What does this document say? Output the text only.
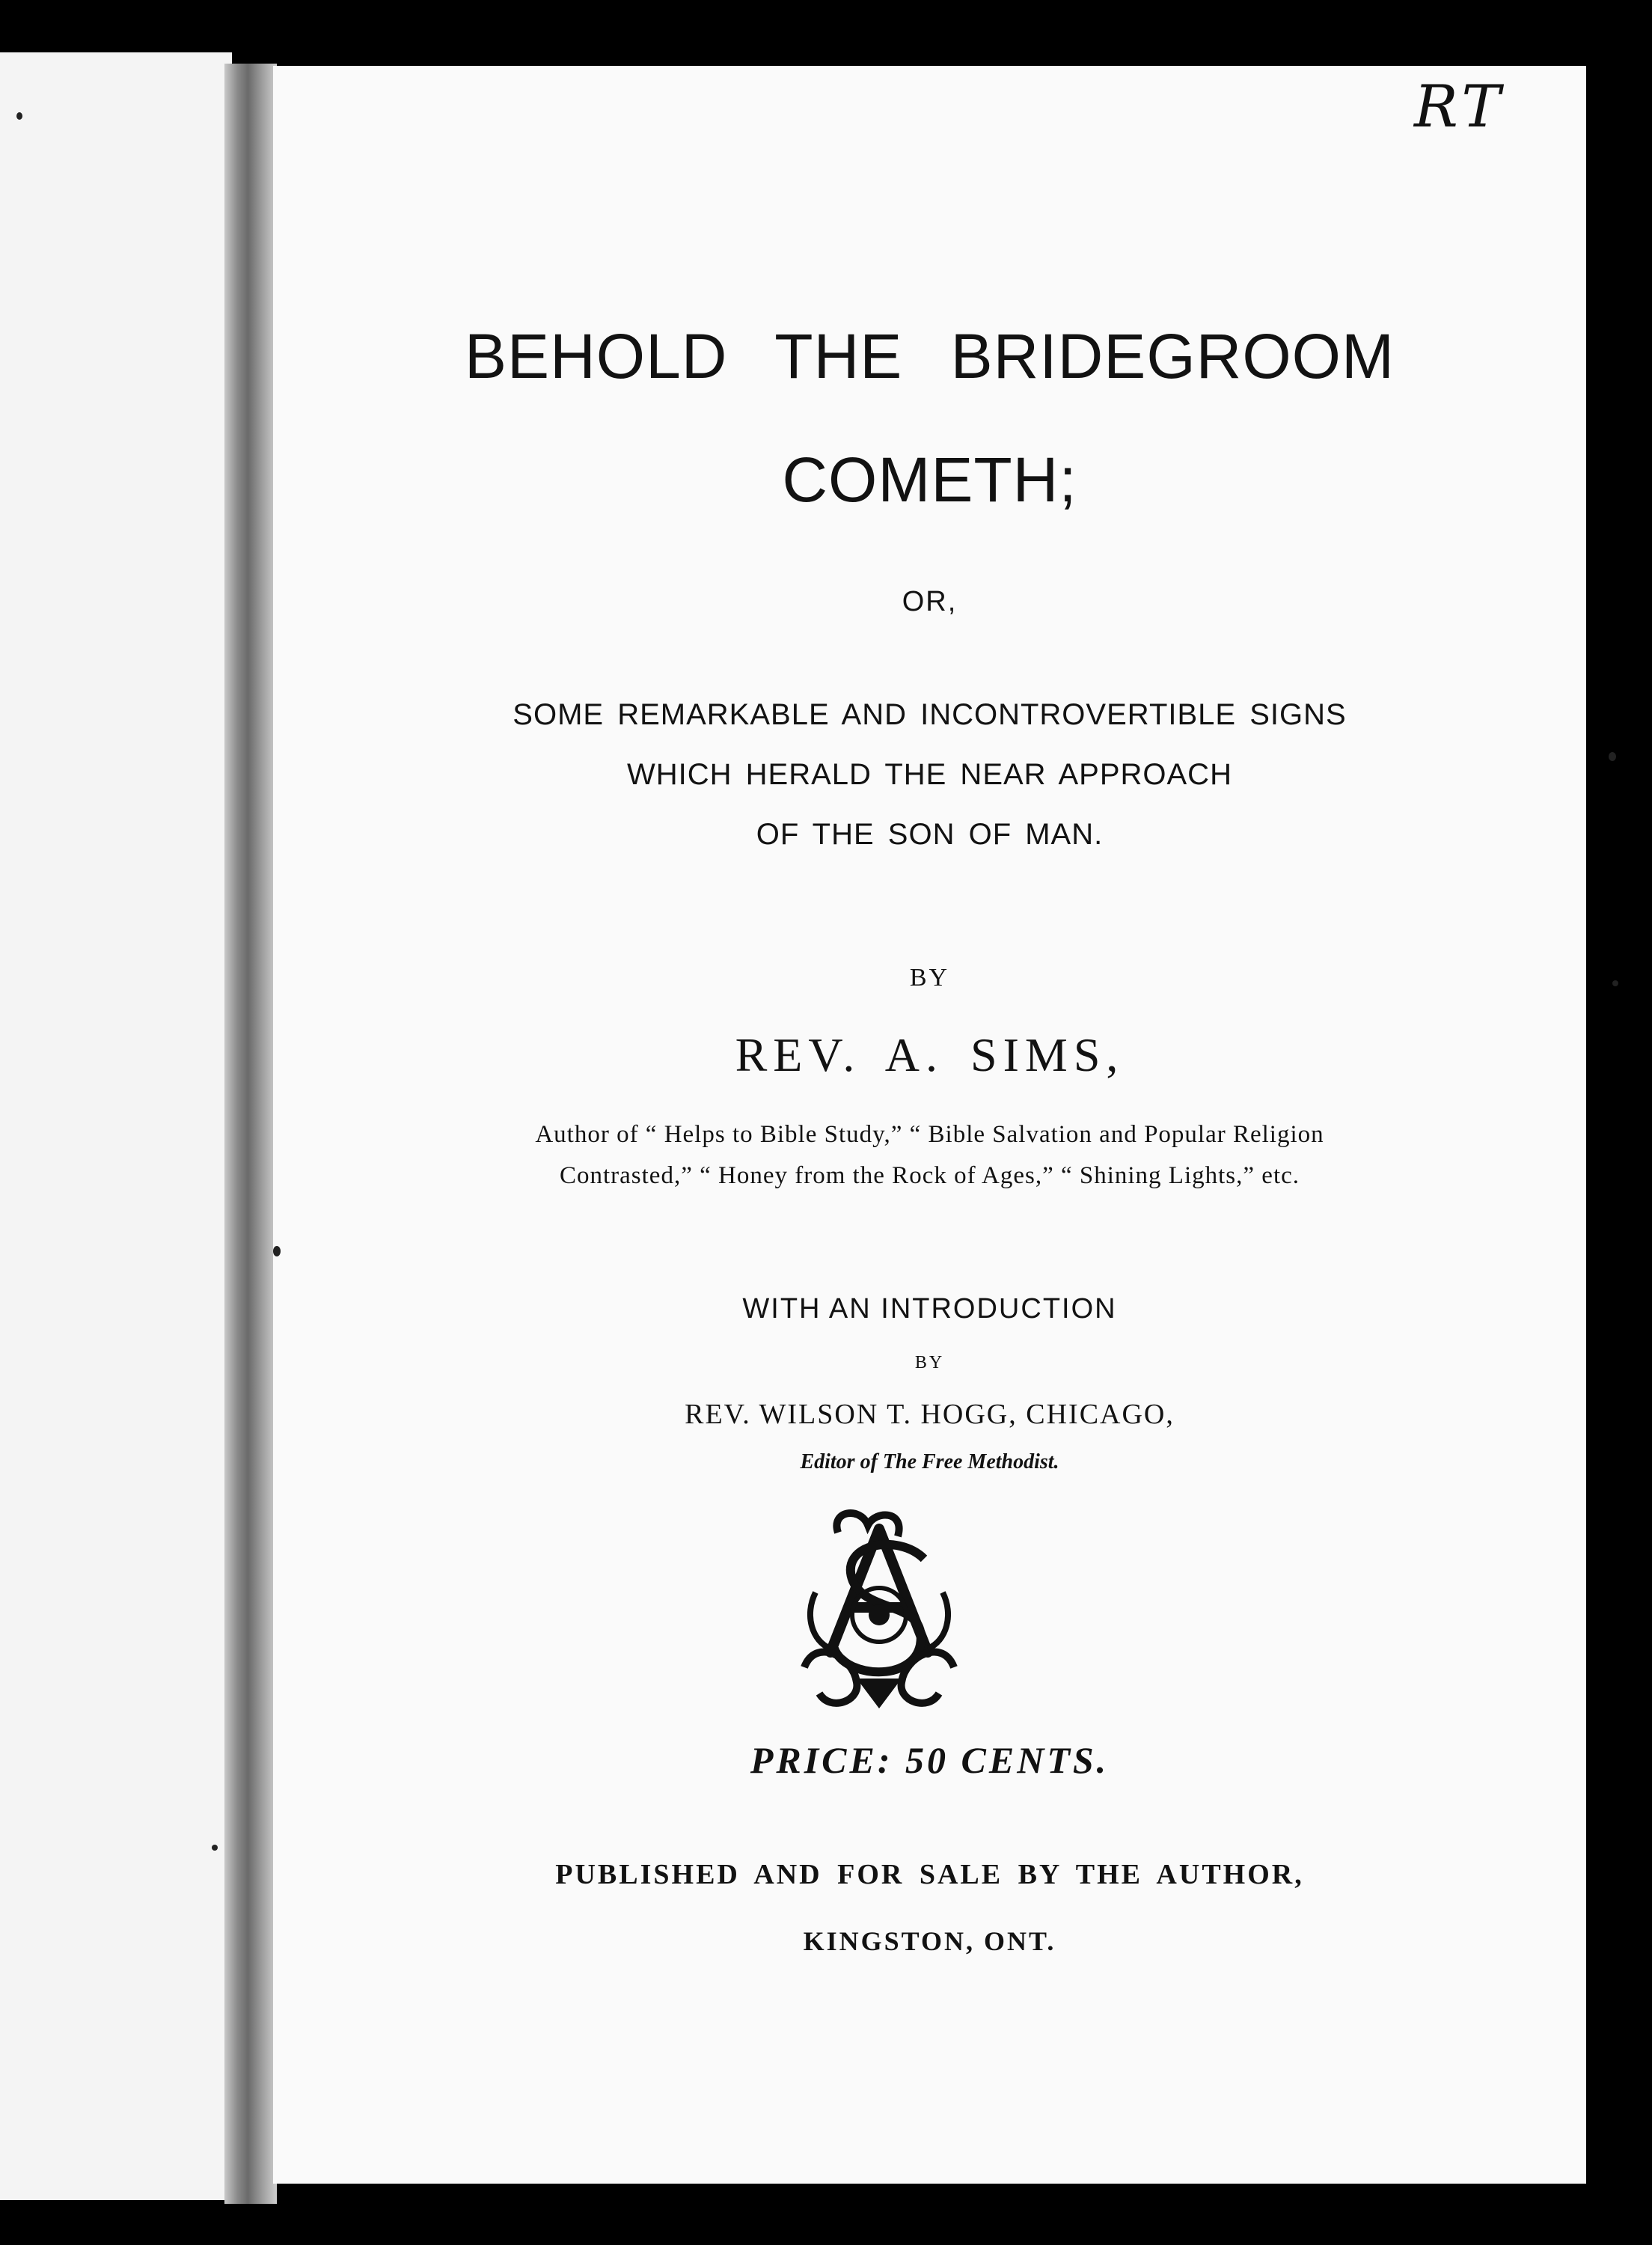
RT

BEHOLD THE BRIDEGROOM

COMETH;

OR,

SOME REMARKABLE AND INCONTROVERTIBLE SIGNS

WHICH HERALD THE NEAR APPROACH

OF THE SON OF MAN.

BY

REV. A. SIMS,

Author of “ Helps to Bible Study,” “ Bible Salvation and Popular Religion

Contrasted,” “ Honey from the Rock of Ages,” “ Shining Lights,” etc.

WITH AN INTRODUCTION

BY

REV. WILSON T. HOGG, CHICAGO,

Editor of The Free Methodist.

PRICE: 50 CENTS.

PUBLISHED AND FOR SALE BY THE AUTHOR,

KINGSTON, ONT.
